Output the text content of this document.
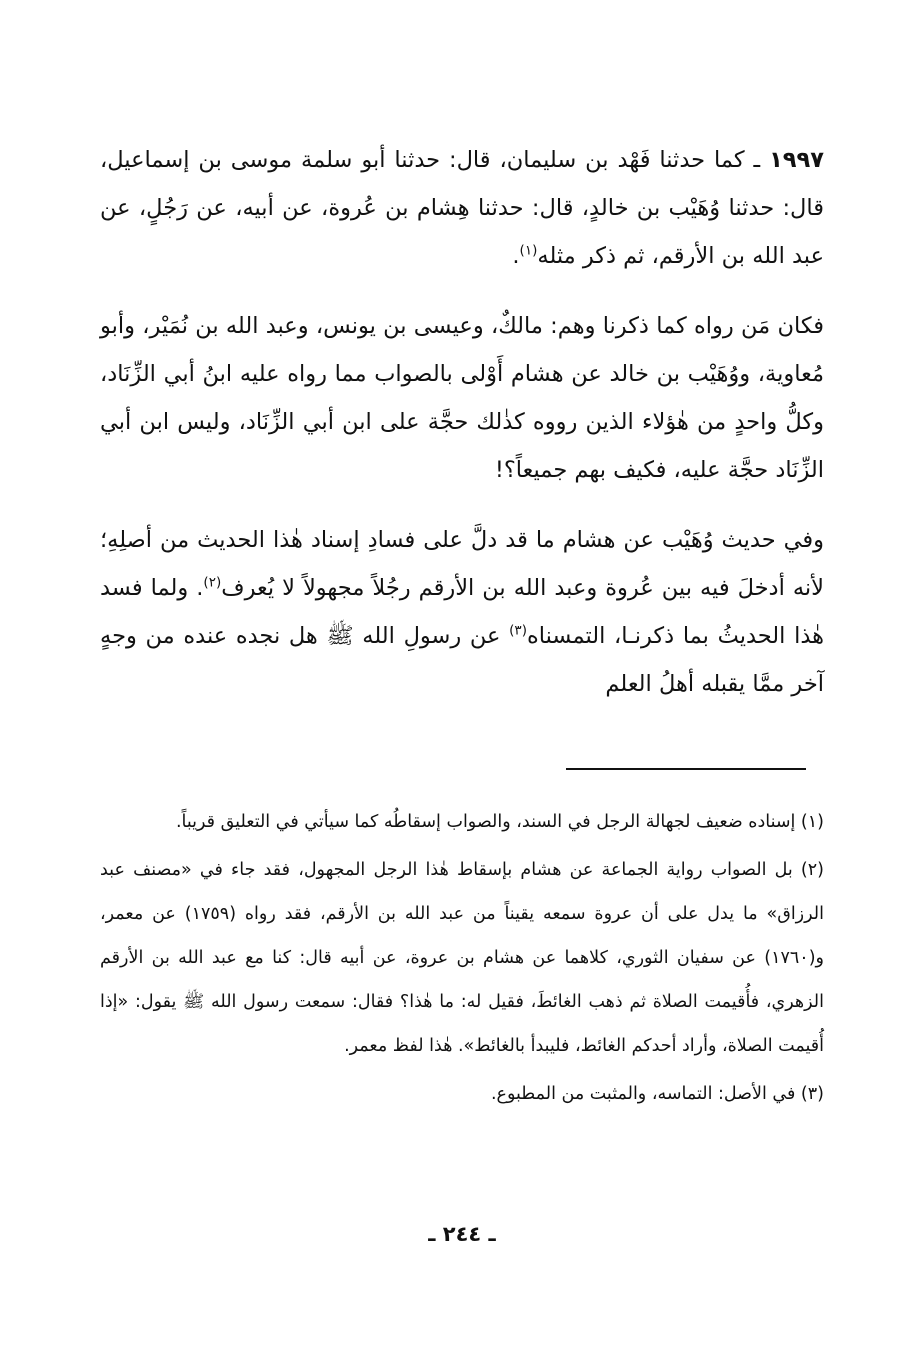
١٩٩٧ ـ كما حدثنا فَهْد بن سليمان، قال: حدثنا أبو سلمة موسى بن إسماعيل، قال: حدثنا وُهَيْب بن خالدٍ، قال: حدثنا هِشام بن عُروة، عن أبيه، عن رَجُلٍ، عن عبد الله بن الأرقم، ثم ذكر مثله$^{(١)}$.

فكان مَن رواه كما ذكرنا وهم: مالكٌ، وعيسى بن يونس، وعبد الله بن نُمَيْر، وأبو مُعاوية، ووُهَيْب بن خالد عن هشام أَوْلى بالصواب مما رواه عليه ابنُ أبي الزِّنَاد، وكلُّ واحدٍ من هٰؤلاء الذين رووه كذٰلك حجَّة على ابن أبي الزِّنَاد، وليس ابن أبي الزِّنَاد حجَّة عليه، فكيف بهم جميعاً؟!

وفي حديث وُهَيْب عن هشام ما قد دلَّ على فسادِ إسناد هٰذا الحديث من أصلِهِ؛ لأنه أدخلَ فيه بين عُروة وعبد الله بن الأرقم رجُلاً مجهولاً لا يُعرف$^{(٢)}$. ولما فسد هٰذا الحديثُ بما ذكرنـا، التمسناه$^{(٣)}$ عن رسولِ الله ﷺ هل نجده عنده من وجهٍ آخر ممَّا يقبله أهلُ العلم

(١) إسناده ضعيف لجهالة الرجل في السند، والصواب إسقاطُه كما سيأتي في التعليق قريباً.

(٢) بل الصواب رواية الجماعة عن هشام بإسقاط هٰذا الرجل المجهول، فقد جاء في «مصنف عبد الرزاق» ما يدل على أن عروة سمعه يقيناً من عبد الله بن الأرقم، فقد رواه (١٧٥٩) عن معمر، و(١٧٦٠) عن سفيان الثوري، كلاهما عن هشام بن عروة، عن أبيه قال: كنا مع عبد الله بن الأرقم الزهري، فأُقيمت الصلاة ثم ذهب الغائطَ، فقيل له: ما هٰذا؟ فقال: سمعت رسول الله ﷺ يقول: «إذا أُقيمت الصلاة، وأراد أحدكم الغائط، فليبدأ بالغائط». هٰذا لفظ معمر.

(٣) في الأصل: التماسه، والمثبت من المطبوع.

ـ ٢٤٤ ـ
